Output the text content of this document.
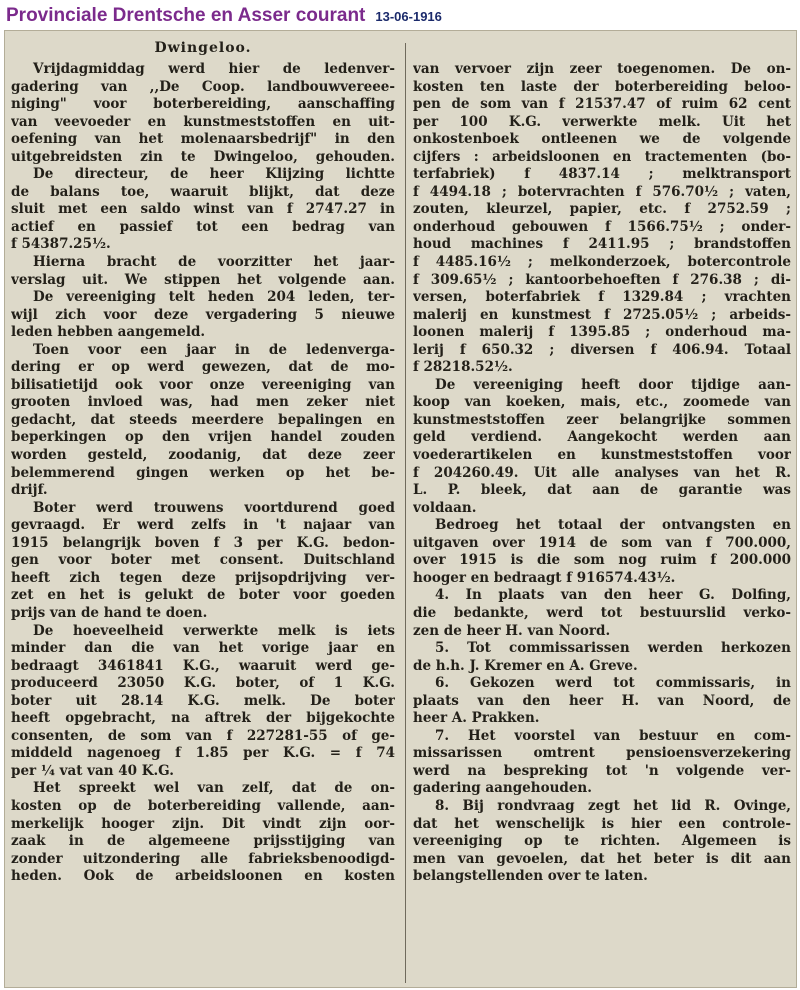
Provinciale Drentsche en Asser courant 13-06-1916
Dwingeloo.
Vrijdagmiddag werd hier de ledenver-
gadering van ,,De Coop. landbouwvereee-
niging" voor boterbereiding, aanschaffing
van veevoeder en kunstmeststoffen en uit-
oefening van het molenaarsbedrijf" in den
uitgebreidsten zin te Dwingeloo, gehouden.
De directeur, de heer Klijzing lichtte
de balans toe, waaruit blijkt, dat deze
sluit met een saldo winst van f 2747.27 in
actief en passief tot een bedrag van
f 54387.25½.
Hierna bracht de voorzitter het jaar-
verslag uit. We stippen het volgende aan.
De vereeniging telt heden 204 leden, ter-
wijl zich voor deze vergadering 5 nieuwe
leden hebben aangemeld.
Toen voor een jaar in de ledenverga-
dering er op werd gewezen, dat de mo-
bilisatietijd ook voor onze vereeniging van
grooten invloed was, had men zeker niet
gedacht, dat steeds meerdere bepalingen en
beperkingen op den vrijen handel zouden
worden gesteld, zoodanig, dat deze zeer
belemmerend gingen werken op het be-
drijf.
Boter werd trouwens voortdurend goed
gevraagd. Er werd zelfs in 't najaar van
1915 belangrijk boven f 3 per K.G. bedon-
gen voor boter met consent. Duitschland
heeft zich tegen deze prijsopdrijving ver-
zet en het is gelukt de boter voor goeden
prijs van de hand te doen.
De hoeveelheid verwerkte melk is iets
minder dan die van het vorige jaar en
bedraagt 3461841 K.G., waaruit werd ge-
produceerd 23050 K.G. boter, of 1 K.G.
boter uit 28.14 K.G. melk. De boter
heeft opgebracht, na aftrek der bijgekochte
consenten, de som van f 227281-55 of ge-
middeld nagenoeg f 1.85 per K.G. = f 74
per ¼ vat van 40 K.G.
Het spreekt wel van zelf, dat de on-
kosten op de boterbereiding vallende, aan-
merkelijk hooger zijn. Dit vindt zijn oor-
zaak in de algemeene prijsstijging van
zonder uitzondering alle fabrieksbenoodigd-
heden. Ook de arbeidsloonen en kosten
van vervoer zijn zeer toegenomen. De on-
kosten ten laste der boterbereiding beloo-
pen de som van f 21537.47 of ruim 62 cent
per 100 K.G. verwerkte melk. Uit het
onkostenboek ontleenen we de volgende
cijfers : arbeidsloonen en tractementen (bo-
terfabriek) f 4837.14 ; melktransport
f 4494.18 ; botervrachten f 576.70½ ; vaten,
zouten, kleurzel, papier, etc. f 2752.59 ;
onderhoud gebouwen f 1566.75½ ; onder-
houd machines f 2411.95 ; brandstoffen
f 4485.16½ ; melkonderzoek, botercontrole
f 309.65½ ; kantoorbehoeften f 276.38 ; di-
versen, boterfabriek f 1329.84 ; vrachten
malerij en kunstmest f 2725.05½ ; arbeids-
loonen malerij f 1395.85 ; onderhoud ma-
lerij f 650.32 ; diversen f 406.94. Totaal
f 28218.52½.
De vereeniging heeft door tijdige aan-
koop van koeken, mais, etc., zoomede van
kunstmeststoffen zeer belangrijke sommen
geld verdiend. Aangekocht werden aan
voederartikelen en kunstmeststoffen voor
f 204260.49. Uit alle analyses van het R.
L. P. bleek, dat aan de garantie was
voldaan.
Bedroeg het totaal der ontvangsten en
uitgaven over 1914 de som van f 700.000,
over 1915 is die som nog ruim f 200.000
hooger en bedraagt f 916574.43½.
4. In plaats van den heer G. Dolfing,
die bedankte, werd tot bestuurslid verko-
zen de heer H. van Noord.
5. Tot commissarissen werden herkozen
de h.h. J. Kremer en A. Greve.
6. Gekozen werd tot commissaris, in
plaats van den heer H. van Noord, de
heer A. Prakken.
7. Het voorstel van bestuur en com-
missarissen omtrent pensioensverzekering
werd na bespreking tot 'n volgende ver-
gadering aangehouden.
8. Bij rondvraag zegt het lid R. Ovinge,
dat het wenschelijk is hier een controle-
vereeniging op te richten. Algemeen is
men van gevoelen, dat het beter is dit aan
belangstellenden over te laten.
